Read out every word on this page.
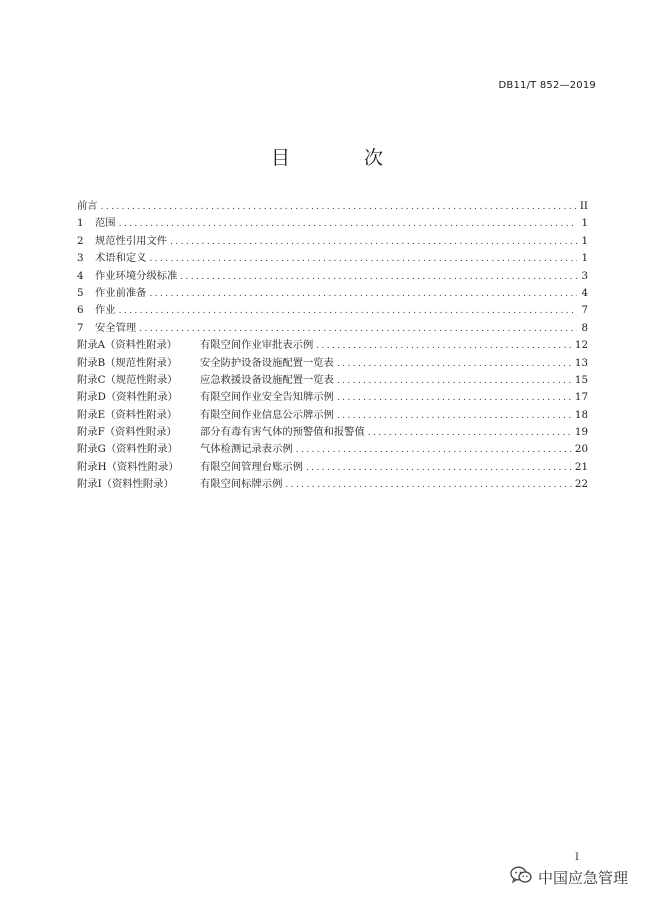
DB11/T 852—2019
目 次
前言 .....	II
1	范围 .....	1
2	规范性引用文件 .....	1
3	术语和定义 .....	1
4	作业环境分级标准 .....	3
5	作业前准备 .....	4
6	作业 .....	7
7	安全管理 .....	8
附录A（资料性附录）	有限空间作业审批表示例 .....	12
附录B（规范性附录）	安全防护设备设施配置一览表 .....	13
附录C（规范性附录）	应急救援设备设施配置一览表 .....	15
附录D（资料性附录）	有限空间作业安全告知牌示例 .....	17
附录E（资料性附录）	有限空间作业信息公示牌示例 .....	18
附录F（资料性附录）	部分有毒有害气体的预警值和报警值 .....	19
附录G（资料性附录）	气体检测记录表示例 .....	20
附录H（资料性附录）	有限空间管理台账示例 .....	21
附录I（资料性附录）	有限空间标牌示例 .....	22
I
中国应急管理
